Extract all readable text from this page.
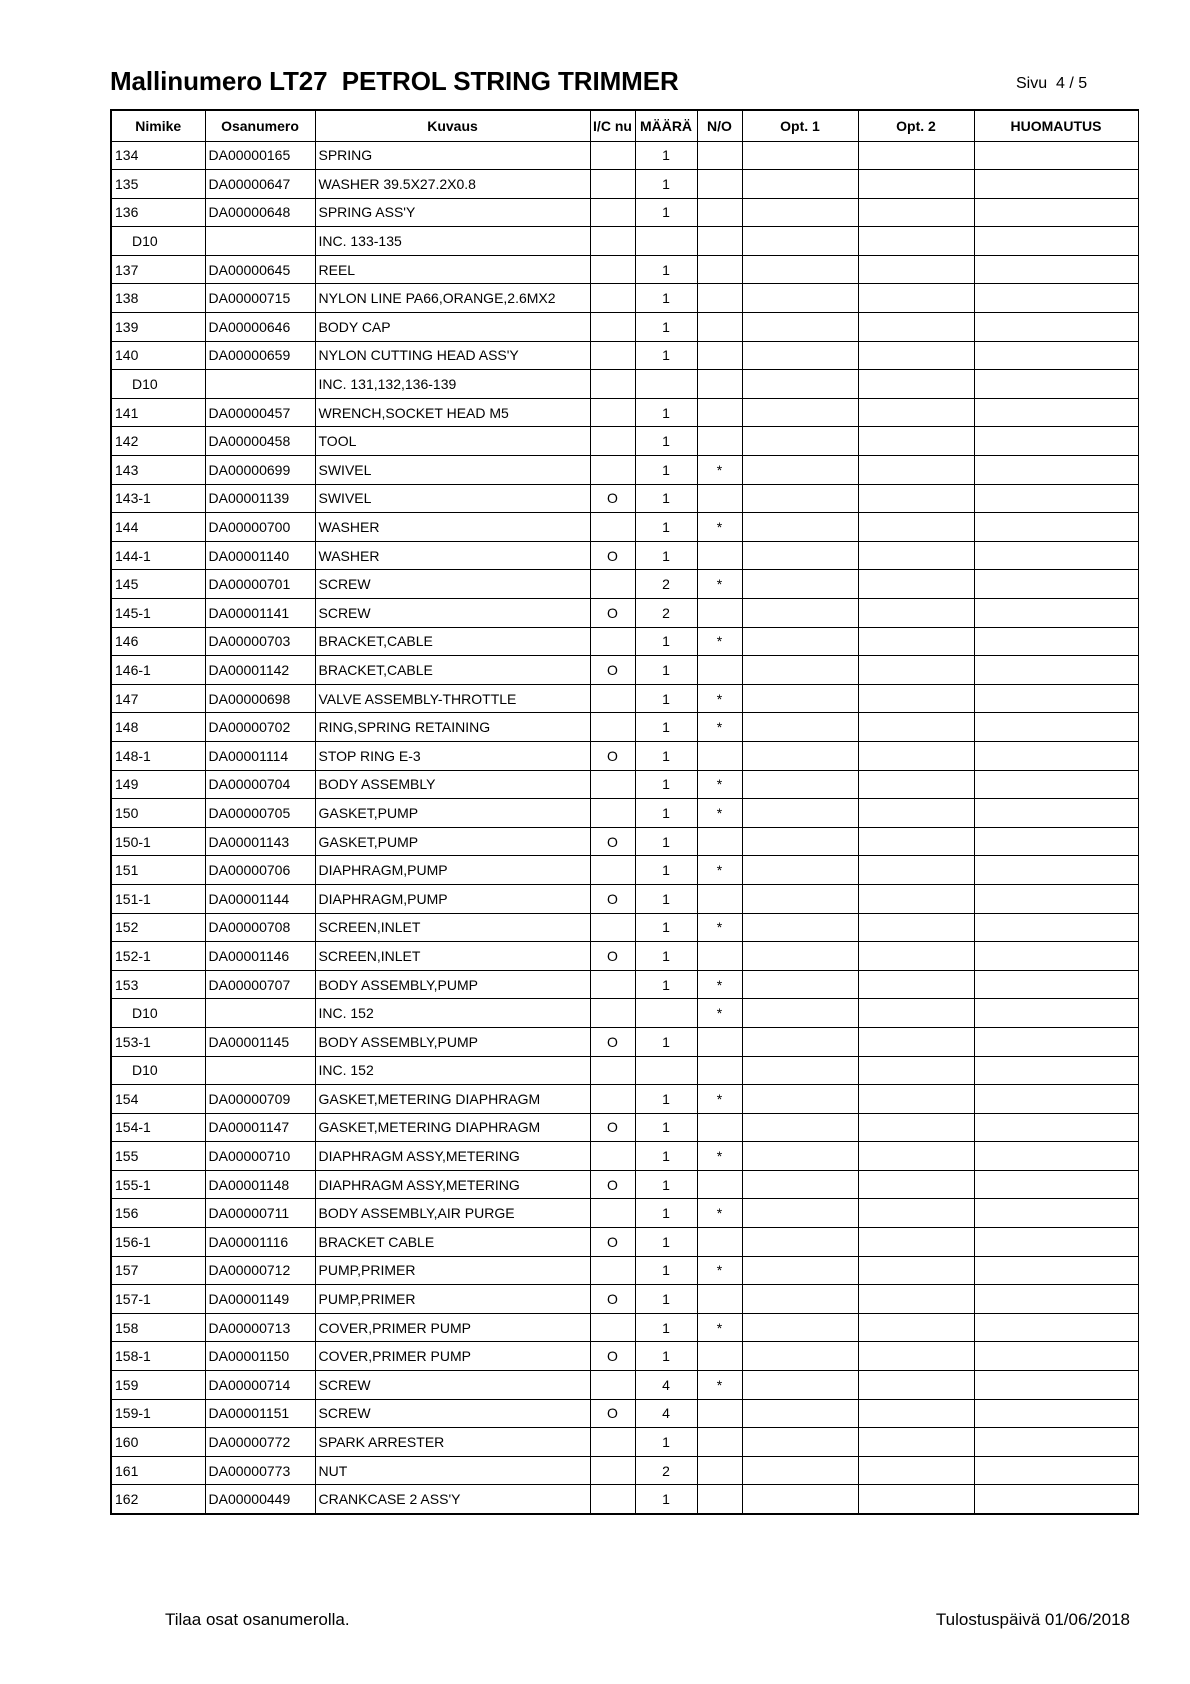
Mallinumero LT27  PETROL STRING TRIMMER	Sivu  4 / 5
Nimike	Osanumero	Kuvaus	I/C nu	MÄÄRÄ	N/O	Opt. 1	Opt. 2	HUOMAUTUS
134	DA00000165	SPRING		1				
135	DA00000647	WASHER 39.5X27.2X0.8		1				
136	DA00000648	SPRING ASS'Y		1				
D10		INC. 133-135						
137	DA00000645	REEL		1				
138	DA00000715	NYLON LINE PA66,ORANGE,2.6MX2		1				
139	DA00000646	BODY CAP		1				
140	DA00000659	NYLON CUTTING HEAD ASS'Y		1				
D10		INC. 131,132,136-139						
141	DA00000457	WRENCH,SOCKET HEAD M5		1				
142	DA00000458	TOOL		1				
143	DA00000699	SWIVEL		1	*			
143-1	DA00001139	SWIVEL	O	1				
144	DA00000700	WASHER		1	*			
144-1	DA00001140	WASHER	O	1				
145	DA00000701	SCREW		2	*			
145-1	DA00001141	SCREW	O	2				
146	DA00000703	BRACKET,CABLE		1	*			
146-1	DA00001142	BRACKET,CABLE	O	1				
147	DA00000698	VALVE ASSEMBLY-THROTTLE		1	*			
148	DA00000702	RING,SPRING RETAINING		1	*			
148-1	DA00001114	STOP RING E-3	O	1				
149	DA00000704	BODY ASSEMBLY		1	*			
150	DA00000705	GASKET,PUMP		1	*			
150-1	DA00001143	GASKET,PUMP	O	1				
151	DA00000706	DIAPHRAGM,PUMP		1	*			
151-1	DA00001144	DIAPHRAGM,PUMP	O	1				
152	DA00000708	SCREEN,INLET		1	*			
152-1	DA00001146	SCREEN,INLET	O	1				
153	DA00000707	BODY ASSEMBLY,PUMP		1	*			
D10		INC. 152			*			
153-1	DA00001145	BODY ASSEMBLY,PUMP	O	1				
D10		INC. 152						
154	DA00000709	GASKET,METERING DIAPHRAGM		1	*			
154-1	DA00001147	GASKET,METERING DIAPHRAGM	O	1				
155	DA00000710	DIAPHRAGM ASSY,METERING		1	*			
155-1	DA00001148	DIAPHRAGM ASSY,METERING	O	1				
156	DA00000711	BODY ASSEMBLY,AIR PURGE		1	*			
156-1	DA00001116	BRACKET CABLE	O	1				
157	DA00000712	PUMP,PRIMER		1	*			
157-1	DA00001149	PUMP,PRIMER	O	1				
158	DA00000713	COVER,PRIMER PUMP		1	*			
158-1	DA00001150	COVER,PRIMER PUMP	O	1				
159	DA00000714	SCREW		4	*			
159-1	DA00001151	SCREW	O	4				
160	DA00000772	SPARK ARRESTER		1				
161	DA00000773	NUT		2				
162	DA00000449	CRANKCASE 2 ASS'Y		1				
Tilaa osat osanumerolla.	Tulostuspäivä 01/06/2018
